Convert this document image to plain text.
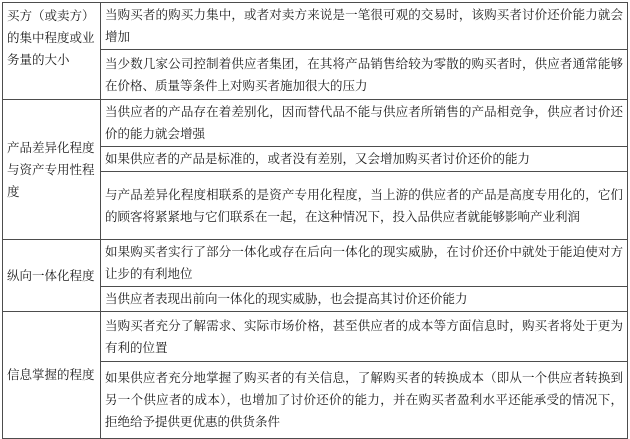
买方（或卖方）的集中程度或业务量的大小	当购买者的购买力集中，或者对卖方来说是一笔很可观的交易时，该购买者讨价还价能力就会增加
	当少数几家公司控制着供应者集团，在其将产品销售给较为零散的购买者时，供应者通常能够在价格、质量等条件上对购买者施加很大的压力
产品差异化程度与资产专用性程度	当供应者的产品存在着差别化，因而替代品不能与供应者所销售的产品相竞争，供应者讨价还价的能力就会增强
	如果供应者的产品是标准的，或者没有差别，又会增加购买者讨价还价的能力
	与产品差异化程度相联系的是资产专用化程度，当上游的供应者的产品是高度专用化的，它们的顾客将紧紧地与它们联系在一起，在这种情况下，投入品供应者就能够影响产业利润
纵向一体化程度	如果购买者实行了部分一体化或存在后向一体化的现实威胁，在讨价还价中就处于能迫使对方让步的有利地位
	当供应者表现出前向一体化的现实威胁，也会提高其讨价还价能力
信息掌握的程度	当购买者充分了解需求、实际市场价格，甚至供应者的成本等方面信息时，购买者将处于更为有利的位置
	如果供应者充分地掌握了购买者的有关信息，了解购买者的转换成本（即从一个供应者转换到另一个供应者的成本），也增加了讨价还价的能力，并在购买者盈利水平还能承受的情况下，拒绝给予提供更优惠的供货条件
